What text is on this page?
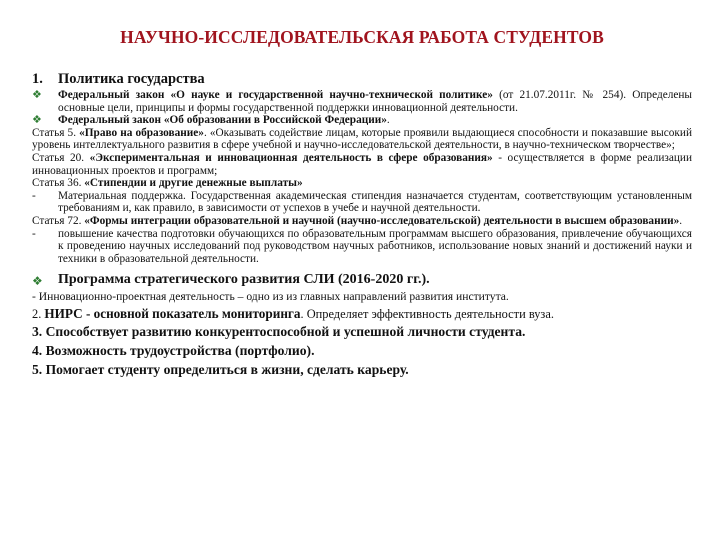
НАУЧНО-ИССЛЕДОВАТЕЛЬСКАЯ РАБОТА СТУДЕНТОВ
1. Политика государства

❖ Федеральный закон «О науке и государственной научно-технической политике» (от 21.07.2011г. № 254). Определены основные цели, принципы и формы государственной поддержки инновационной деятельности.

❖ Федеральный закон «Об образовании в Российской Федерации».

Статья 5. «Право на образование». «Оказывать содействие лицам, которые проявили выдающиеся способности и показавшие высокий уровень интеллектуального развития в сфере учебной и научно-исследовательской деятельности, в научно-техническом творчестве»;

Статья 20. «Экспериментальная и инновационная деятельность в сфере образования» - осуществляется в форме реализации инновационных проектов и программ;

Статья 36. «Стипендии и другие денежные выплаты»

- Материальная поддержка. Государственная академическая стипендия назначается студентам, соответствующим установленным требованиям и, как правило, в зависимости от успехов в учебе и научной деятельности.

Статья 72. «Формы интеграции образовательной и научной (научно-исследовательской) деятельности в высшем образовании».

- повышение качества подготовки обучающихся по образовательным программам высшего образования, привлечение обучающихся к проведению научных исследований под руководством научных работников, использование новых знаний и достижений науки и техники в образовательной деятельности.

❖ Программа стратегического развития СЛИ (2016-2020 гг.).
- Инновационно-проектная деятельность – одно из из главных направлений развития института.
2. НИРС - основной показатель мониторинга. Определяет эффективность деятельности вуза.
3. Способствует развитию конкурентоспособной и успешной личности студента.
4. Возможность трудоустройства (портфолио).
5. Помогает студенту определиться в жизни, сделать карьеру.
